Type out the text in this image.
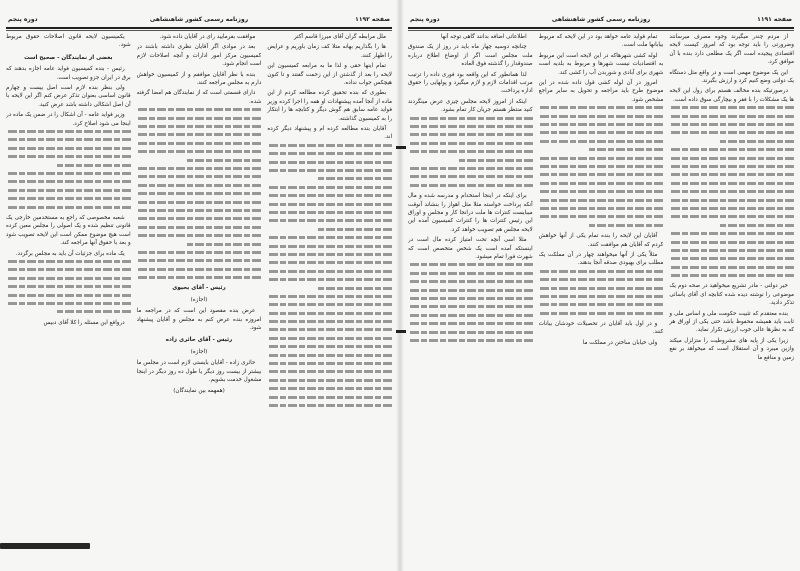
صفحه ۱۱۹۲
روزنامه رسمی کشور شاهنشاهی
دوره پنجم

ملل مرابطه گران آقای میرزا قاسم آکتر

ها را بگذاریم بهانه متلا کف زمان باوریم و عرایض را اظهار کنند.

تمام اینها حقی و لذا ما به مرابعه کمیسیون این لایحه را بعد از گذشتن از این زحمت گفتند و تا کنون هیچکس جواب نداده.

بطوری که بنده تحقیق کرده مطالعه کردم از این ماده از آنجا آمده پیشنهادات او همه را اجرا کرده وزیر فواید عامه سابق هم گوش دیگر و کتابچه ها را ابتکار را به کمیسیون گذاشته.

آقایان بنده مطالعه کرده ام و پیشنهاد دیگر کرده اند.

موافقت بفرمایید رای در آقایان داده شود.

بعد در موادی اگر آقایان نظری داشته باشند در کمیسیون مرکز امور ادارات و آنچه اصلاحات لازم است انجام شود.

بنده با نظر آقایان موافقم و از کمیسیون خواهش دارم به مجلس مراجعه کنند.

دارای قسمتی است که از نمایندگان هم امضا گرفته شده.

رئیس - آقای یحیوی
(اجازه)

عرض بنده مقصود این است که در مراجعه ما امروزه بنده عرض کنم به مجلس و آقایان پیشنهاد شود.

رئیس - آقای حائری زاده
(اجازه)

حائری زاده - آقایان بایستی لازم است در مجلس ما بیشتر از بیست روز دیگر یا طول ده روز دیگر در اینجا مشغول خدمت بشویم.

(همهمه بین نمایندگان)

یکمیسیون لایحه قانون اصلاحات حقوق مربوط شود.

بعضی از نمایندگان - صحیح است

رئیس - بنده کمیسیون فواید عامه اجازه بدهند که برق در ایران جزو تصویب است.

ولی بنظر بنده لازم است اصل بیست و چهارم قانون اساسی بعنوان تذکر عرض کنم اگر این لایحه با آن اصل اشکالی داشته باشد عرض کنید.

وزیر فواید عامه - آن اشکال را در ضمن یک ماده در اینجا می شود اصلاح کرد.

شعبه مخصوصی که راجع به مستخدمین خارجی یک قانونی تنظیم شده و یک اصولی را مجلس معین کرده است هیچ موضوع ممکن است این لایحه تصویب شود و بعد با حقوق آنها مراجعه کند.

یک ماده برای جزئیات آن باید به مجلس برگردد.

دروافع این مسئله را کلا آقای دبیس

صفحه ۱۱۹۱
روزنامه رسمی کشور شاهنشاهی
دوره پنجم

از مردم چندر میگیرند وجوه مصرف میرسانند وضرورتی را باید توجه بود که امروز کیست لایحه اقتصادی پیجیده است اگر یک مطلعی دارد بنده با آن موافق کرد.

این یک موضوع مهمی است و در واقع مثل دستگاه یک دولتی وضع کنیم کرد و ارزش بگیرند.

درصورتیکه بنده مخالف هستم برای رول این لایحه ها یک مشکلات را با فقر و بیچارگی سوق داده است.

خیر دولتی - مادر تشریع میخواهید در صحه دوم یک موضوعی را نوشته دیده شده کتابچه ای آقای یاسائی تذکر دادید.

بنده معتقدم که تثبیت حکومت ملی و اساس ملی و ثابت باید همیشه محفوظ باشد حتی یکی از اوراق هر که به نظرها عالی خوب ارزش تکرار نماید.

زیرا یکی از پایه های مشروطیت را متزلزل میکند وازین میبرد و آن استقلال است که میخواهد بر نفع زمین و منافع ما

تمام فواید عامه خواهد بود در این لایحه که مربوط بیابانها ملت است.

لوله کشی شهرهاکه در این لایحه است این مربوط به اقتصادیات نیست شهرها و مربوط به بلدیه است شهری برای آبادی و شوربدن آب را کشی کند.

امروز در آن لوله کشی قول داده شده در این موضوع طرح باید مراجعه و تحویل به سایر مراجع مشخص شود.

آقایان این لایحه را بنده تمام یکی از آنها خواهش کردم که آقایان هم موافقت کنند.

مثلاً یکی از آنها میخواهند چهار در آن مملکت یک مطلب برای بهبودی صدقه آنجا بدهند.

و در اول باید آقایان در تحصیلات خودشان بیانات کنند.

ولی خیابان ساختن در مملکت ما

اطلاعاتی اضافه بدانند گاهی توجه آنها

چنانچه دوسیه چهار ماه باید در روز از یک صندوق ملت مجلس است اگر از اوضاع اطلاع درباره صندوقدار را گذشته فوق العاده

لذا همانطور که این واقعه بود فوری داده را ترتیب مرتب اقدامات لازم و لازم میگیرد و پولهایی را حقوق اداره پرداخت.

اینکه از امروز لایحه مجلس چیزی عرض مینگردند کنید منتظر هستم جریان کار تمام بشود.

برای اینکه در اینجا استخدام و مدرسه شده و مال آنکه پرداخت خواسته مثلا مثل اهواز را بنشاند آنوقت میبایست کنترات ها ملت درانجا کار و مجلس و اوراق این رئیس کنترات ها را کنترات کمیسیون آمده این لایحه مجلس هم تصویب خواهد کرد.

مثلا اسی آنچه تحت امتیاز کرده مال است در اینستکه آمده است یک شخص متخصص است که شهرت فورا تمام میشود.
